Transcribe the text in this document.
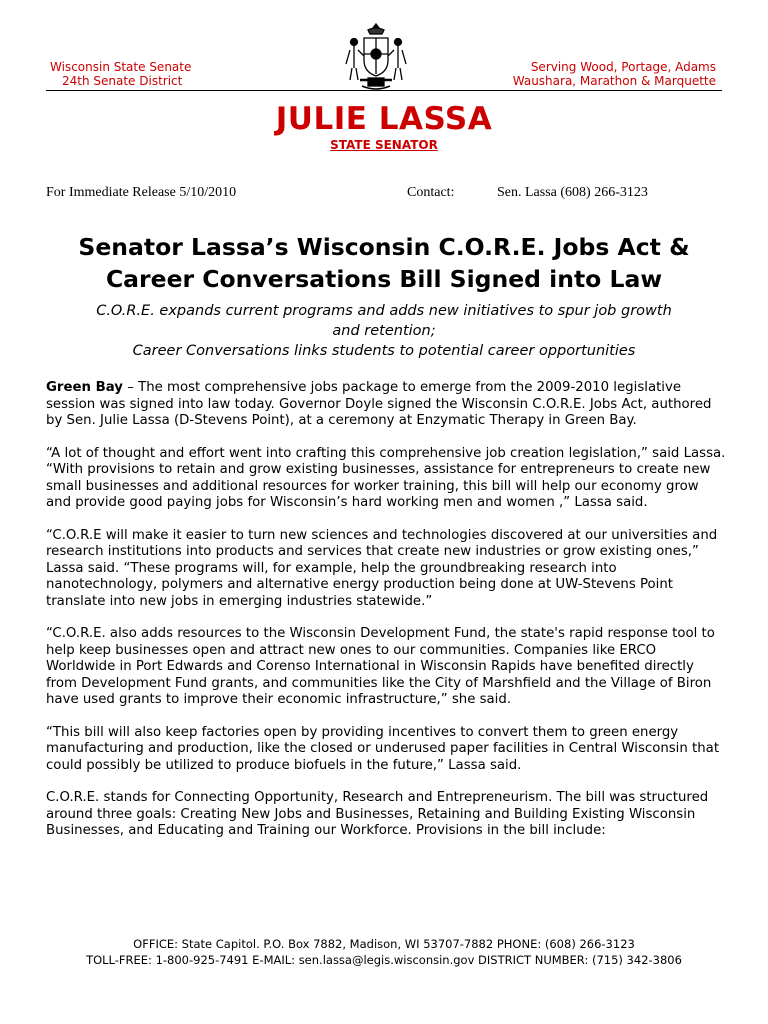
Wisconsin State Senate
24th Senate District
Serving Wood, Portage, Adams
Waushara, Marathon & Marquette
JULIE LASSA
STATE SENATOR
For Immediate Release 5/10/2010	Contact:	Sen. Lassa (608) 266-3123
Senator Lassa’s Wisconsin C.O.R.E. Jobs Act &
Career Conversations Bill Signed into Law
C.O.R.E. expands current programs and adds new initiatives to spur job growth
and retention;
Career Conversations links students to potential career opportunities

Green Bay – The most comprehensive jobs package to emerge from the 2009-2010 legislative session was signed into law today. Governor Doyle signed the Wisconsin C.O.R.E. Jobs Act, authored by Sen. Julie Lassa (D-Stevens Point), at a ceremony at Enzymatic Therapy in Green Bay.

“A lot of thought and effort went into crafting this comprehensive job creation legislation,” said Lassa. “With provisions to retain and grow existing businesses, assistance for entrepreneurs to create new small businesses and additional resources for worker training, this bill will help our economy grow and provide good paying jobs for Wisconsin’s hard working men and women ,” Lassa said.

“C.O.R.E will make it easier to turn new sciences and technologies discovered at our universities and research institutions into products and services that create new industries or grow existing ones,” Lassa said. “These programs will, for example, help the groundbreaking research into nanotechnology, polymers and alternative energy production being done at UW-Stevens Point translate into new jobs in emerging industries statewide.”

“C.O.R.E. also adds resources to the Wisconsin Development Fund, the state's rapid response tool to help keep businesses open and attract new ones to our communities. Companies like ERCO Worldwide in Port Edwards and Corenso International in Wisconsin Rapids have benefited directly from Development Fund grants, and communities like the City of Marshfield and the Village of Biron have used grants to improve their economic infrastructure,” she said.

“This bill will also keep factories open by providing incentives to convert them to green energy manufacturing and production, like the closed or underused paper facilities in Central Wisconsin that could possibly be utilized to produce biofuels in the future,” Lassa said.

C.O.R.E. stands for Connecting Opportunity, Research and Entrepreneurism. The bill was structured around three goals: Creating New Jobs and Businesses, Retaining and Building Existing Wisconsin Businesses, and Educating and Training our Workforce. Provisions in the bill include:

OFFICE: State Capitol. P.O. Box 7882, Madison, WI 53707-7882 PHONE: (608) 266-3123
TOLL-FREE: 1-800-925-7491 E-MAIL: sen.lassa@legis.wisconsin.gov DISTRICT NUMBER: (715) 342-3806
